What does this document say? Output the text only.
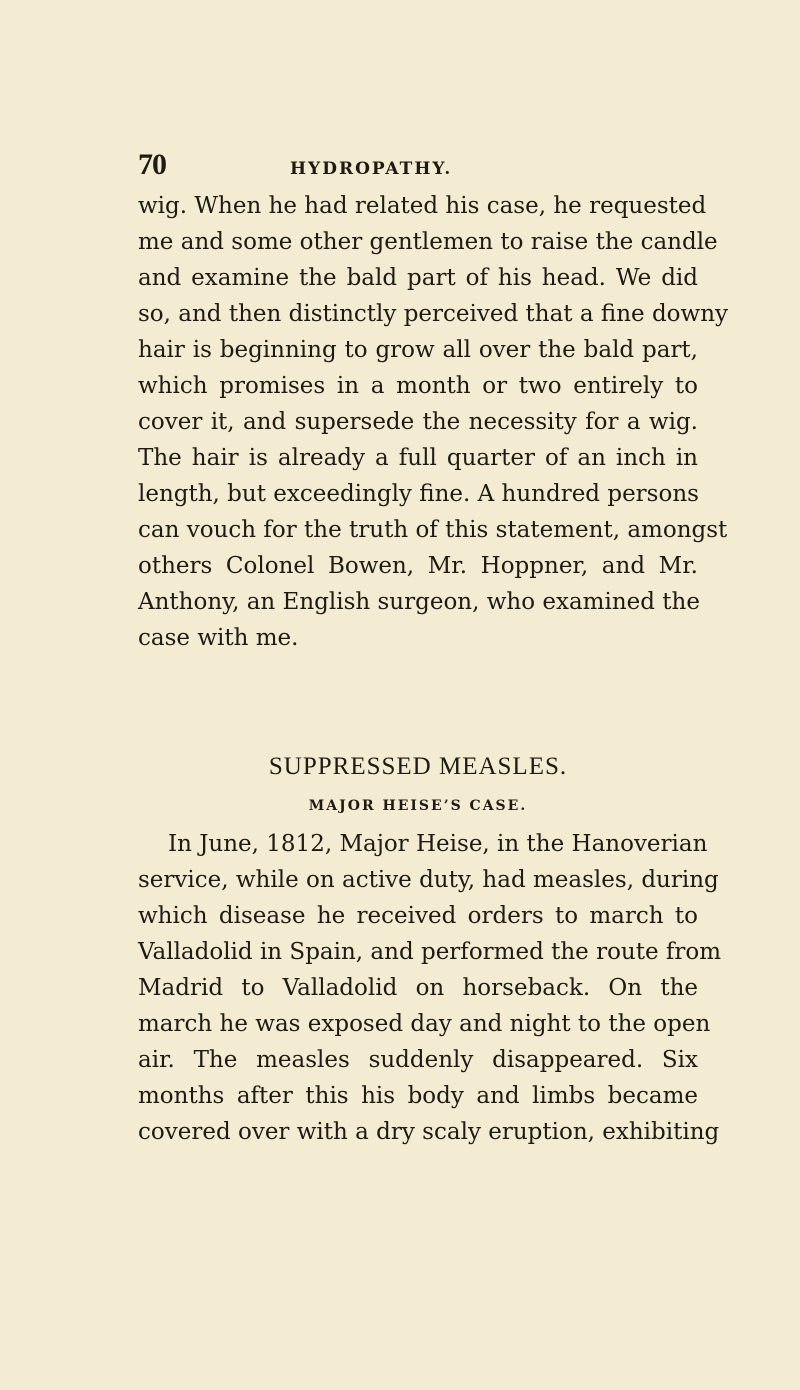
70	HYDROPATHY.

wig. When he had related his case, he requested
me and some other gentlemen to raise the candle
and examine the bald part of his head. We did
so, and then distinctly perceived that a fine downy
hair is beginning to grow all over the bald part,
which promises in a month or two entirely to
cover it, and supersede the necessity for a wig.
The hair is already a full quarter of an inch in
length, but exceedingly fine. A hundred persons
can vouch for the truth of this statement, amongst
others Colonel Bowen, Mr. Hoppner, and Mr.
Anthony, an English surgeon, who examined the
case with me.

SUPPRESSED MEASLES.
MAJOR HEISE’S CASE.

In June, 1812, Major Heise, in the Hanoverian
service, while on active duty, had measles, during
which disease he received orders to march to
Valladolid in Spain, and performed the route from
Madrid to Valladolid on horseback. On the
march he was exposed day and night to the open
air. The measles suddenly disappeared. Six
months after this his body and limbs became
covered over with a dry scaly eruption, exhibiting
